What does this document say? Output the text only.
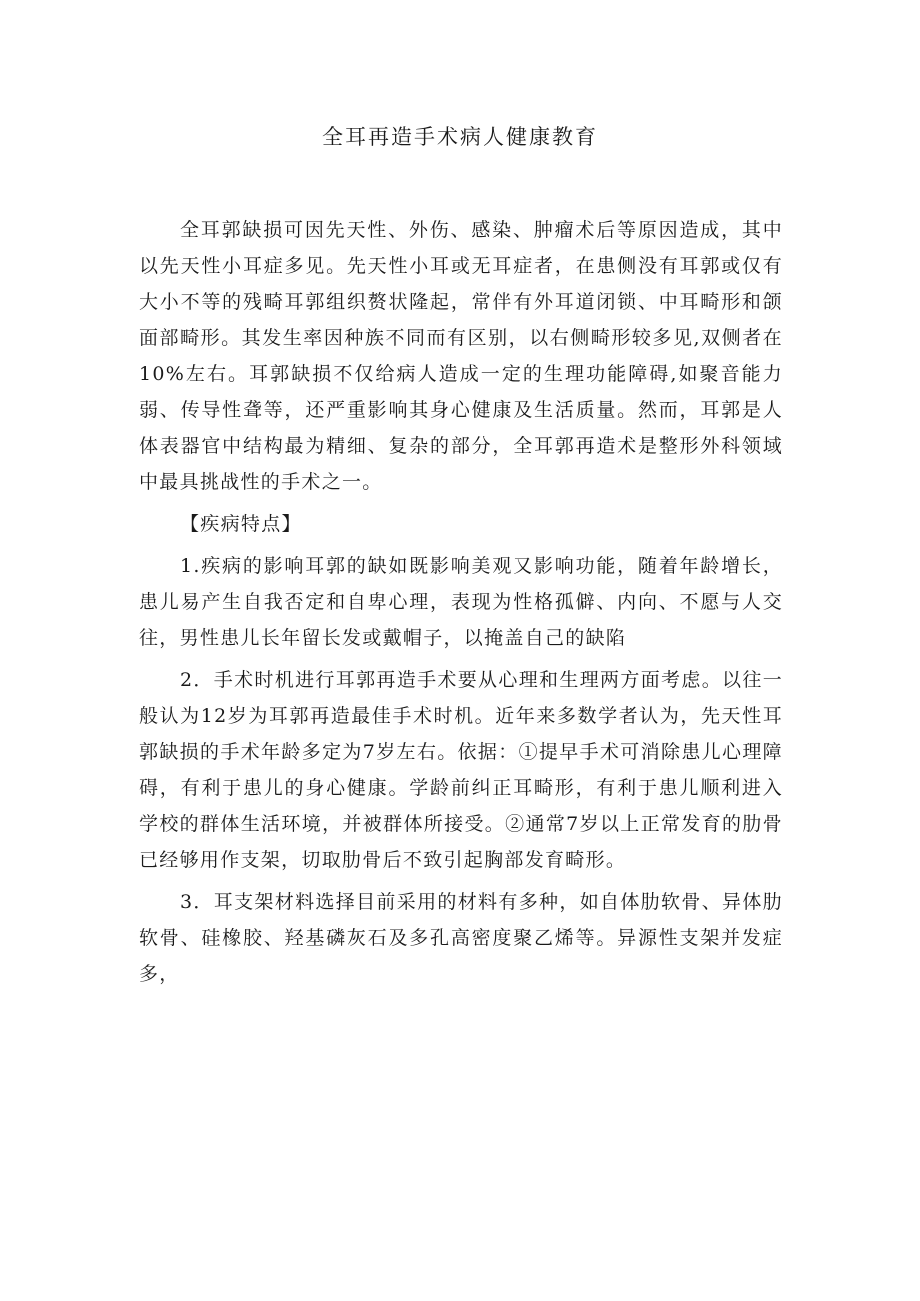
全耳再造手术病人健康教育

全耳郭缺损可因先天性、外伤、感染、肿瘤术后等原因造成，其中以先天性小耳症多见。先天性小耳或无耳症者，在患侧没有耳郭或仅有大小不等的残畸耳郭组织赘状隆起，常伴有外耳道闭锁、中耳畸形和颌面部畸形。其发生率因种族不同而有区别，以右侧畸形较多见,双侧者在10%左右。耳郭缺损不仅给病人造成一定的生理功能障碍,如聚音能力弱、传导性聋等，还严重影响其身心健康及生活质量。然而，耳郭是人体表器官中结构最为精细、复杂的部分，全耳郭再造术是整形外科领域中最具挑战性的手术之一。

【疾病特点】

1.疾病的影响耳郭的缺如既影响美观又影响功能，随着年龄增长，患儿易产生自我否定和自卑心理，表现为性格孤僻、内向、不愿与人交往，男性患儿长年留长发或戴帽子，以掩盖自己的缺陷

2．手术时机进行耳郭再造手术要从心理和生理两方面考虑。以往一般认为12岁为耳郭再造最佳手术时机。近年来多数学者认为，先天性耳郭缺损的手术年龄多定为7岁左右。依据：①提早手术可消除患儿心理障碍，有利于患儿的身心健康。学龄前纠正耳畸形，有利于患儿顺利进入学校的群体生活环境，并被群体所接受。②通常7岁以上正常发育的肋骨已经够用作支架，切取肋骨后不致引起胸部发育畸形。

3．耳支架材料选择目前采用的材料有多种，如自体肋软骨、异体肋软骨、硅橡胶、羟基磷灰石及多孔高密度聚乙烯等。异源性支架并发症多，
